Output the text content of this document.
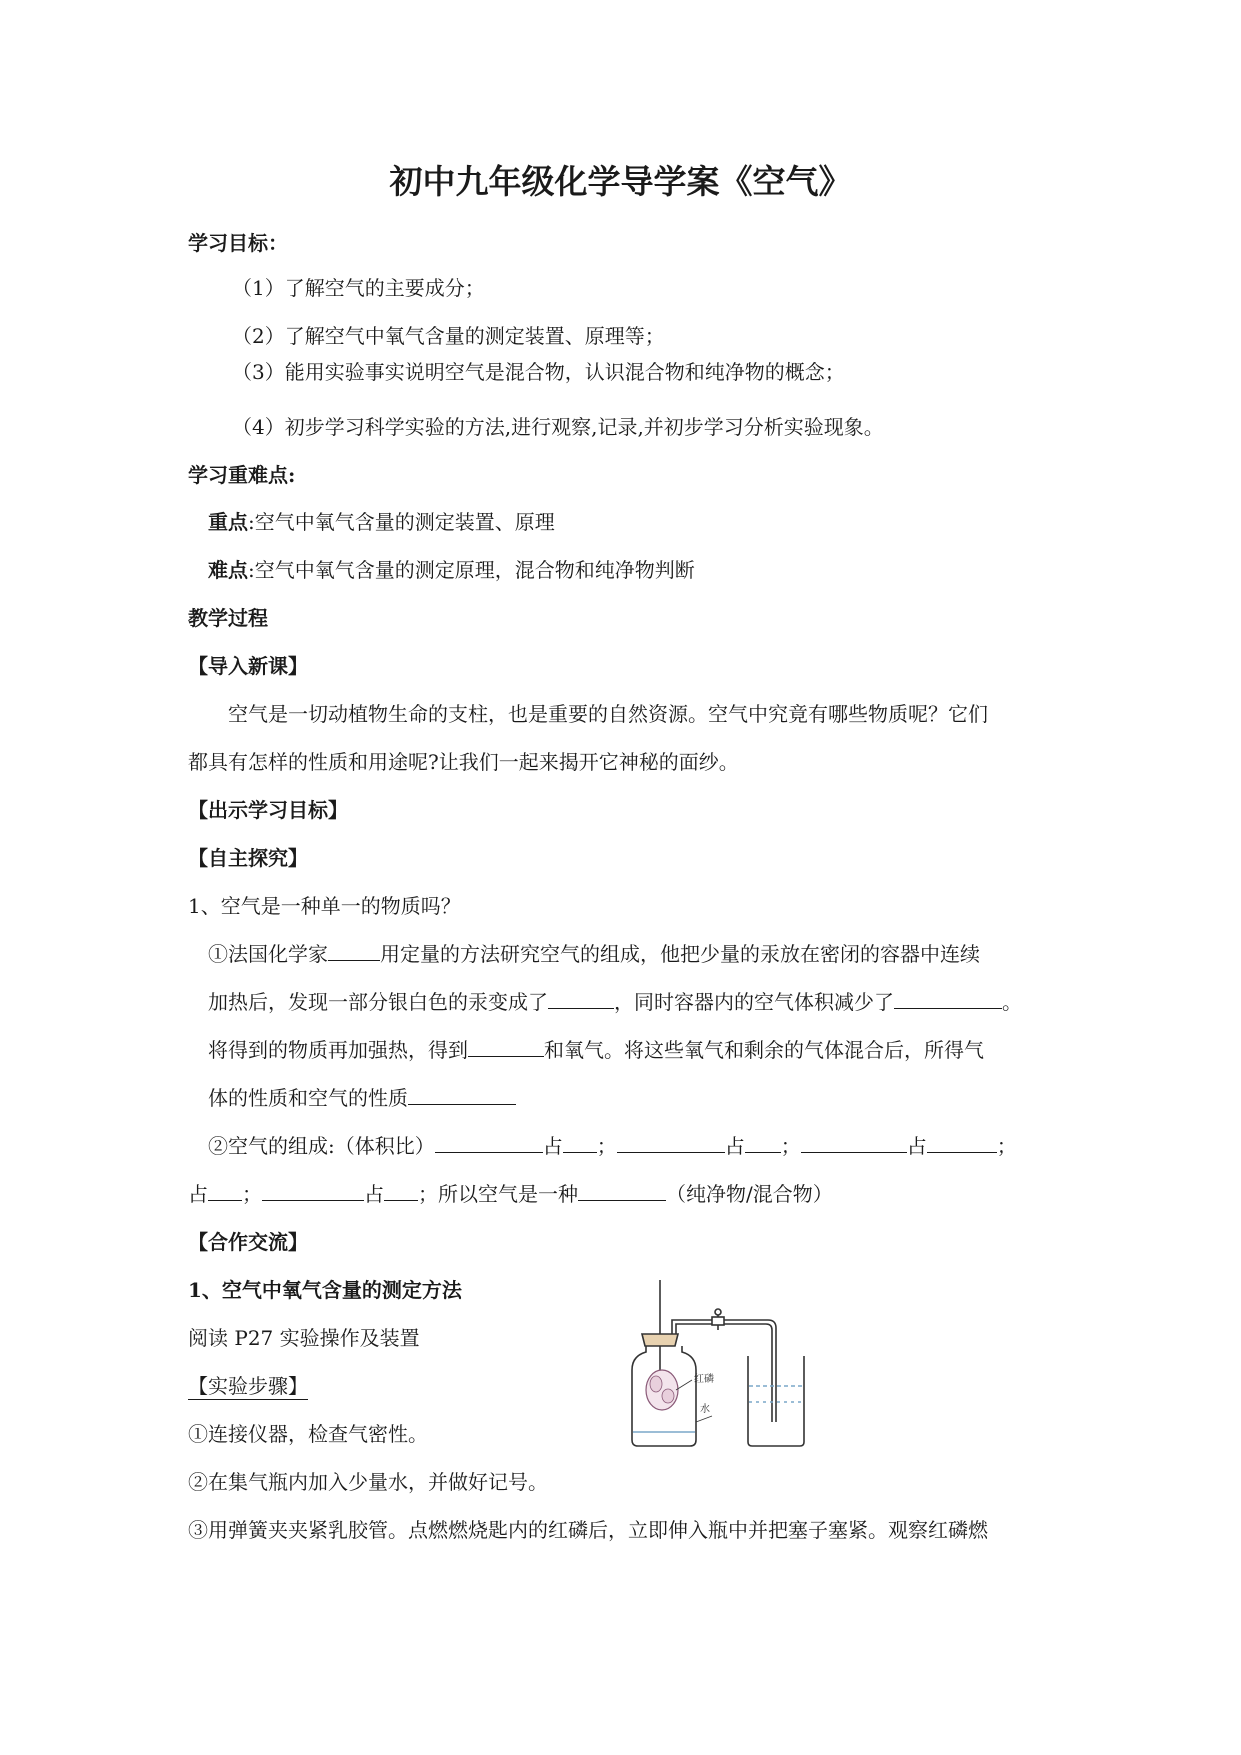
初中九年级化学导学案《空气》
学习目标：
（1）了解空气的主要成分；
（2）了解空气中氧气含量的测定装置、原理等；
（3）能用实验事实说明空气是混合物，认识混合物和纯净物的概念；
（4）初步学习科学实验的方法,进行观察,记录,并初步学习分析实验现象。
学习重难点:
重点:空气中氧气含量的测定装置、原理
难点:空气中氧气含量的测定原理，混合物和纯净物判断
教学过程
【导入新课】
空气是一切动植物生命的支柱，也是重要的自然资源。空气中究竟有哪些物质呢？它们
都具有怎样的性质和用途呢?让我们一起来揭开它神秘的面纱。
【出示学习目标】
【自主探究】
1、空气是一种单一的物质吗？
①法国化学家	用定量的方法研究空气的组成，他把少量的汞放在密闭的容器中连续
加热后，发现一部分银白色的汞变成了	，同时容器内的空气体积减少了	。
将得到的物质再加强热，得到	和氧气。将这些氧气和剩余的气体混合后，所得气
体的性质和空气的性质
②空气的组成:（体积比）	占 ；	占 ；	占	；
占 ；	占 ；所以空气是一种	（纯净物/混合物）
【合作交流】
1、空气中氧气含量的测定方法
阅读 P27 实验操作及装置
【实验步骤】
①连接仪器，检查气密性。
②在集气瓶内加入少量水，并做好记号。
③用弹簧夹夹紧乳胶管。点燃燃烧匙内的红磷后，立即伸入瓶中并把塞子塞紧。观察红磷燃
红磷
水
